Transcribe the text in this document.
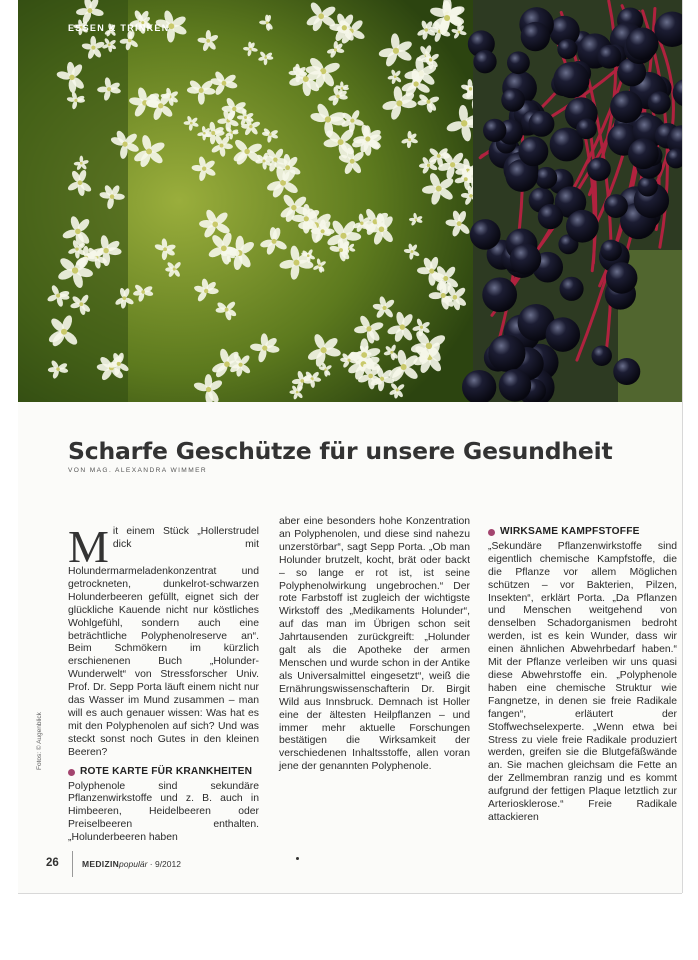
ESSEN & TRINKEN
Scharfe Geschütze für unsere Gesundheit
VON MAG. ALEXANDRA WIMMER
M it einem Stück „Hollerstrudel dick mit Holundermarmeladenkonzentrat und getrockneten, dunkelrot-schwarzen Holunderbeeren gefüllt, eignet sich der glückliche Kauende nicht nur köstliches Wohlgefühl, sondern auch eine beträchtliche Polyphenolreserve an“. Beim Schmökern im kürzlich erschienenen Buch „Holunder-Wunderwelt“ von Stressforscher Univ. Prof. Dr. Sepp Porta läuft einem nicht nur das Wasser im Mund zusammen – man will es auch genauer wissen: Was hat es mit den Polyphenolen auf sich? Und was steckt sonst noch Gutes in den kleinen Beeren?

ROTE KARTE FÜR KRANKHEITEN

Polyphenole sind sekundäre Pflanzenwirkstoffe und z. B. auch in Himbeeren, Heidelbeeren oder Preiselbeeren enthalten. „Holunderbeeren haben

aber eine besonders hohe Konzentration an Polyphenolen, und diese sind nahezu unzerstörbar“, sagt Sepp Porta. „Ob man Holunder brutzelt, kocht, brät oder backt – so lange er rot ist, ist seine Polyphenolwirkung ungebrochen.“ Der rote Farbstoff ist zugleich der wichtigste Wirkstoff des „Medikaments Holunder“, auf das man im Übrigen schon seit Jahrtausenden zurückgreift: „Holunder galt als die Apotheke der armen Menschen und wurde schon in der Antike als Universalmittel eingesetzt“, weiß die Ernährungswissenschafterin Dr. Birgit Wild aus Innsbruck. Demnach ist Holler eine der ältesten Heilpflanzen – und immer mehr aktuelle Forschungen bestätigen die Wirksamkeit der verschiedenen Inhaltsstoffe, allen voran jene der genannten Polyphenole.

WIRKSAME KAMPFSTOFFE

„Sekundäre Pflanzenwirkstoffe sind eigentlich chemische Kampfstoffe, die die Pflanze vor allem Möglichen schützen – vor Bakterien, Pilzen, Insekten“, erklärt Porta. „Da Pflanzen und Menschen weitgehend von denselben Schadorganismen bedroht werden, ist es kein Wunder, dass wir einen ähnlichen Abwehrbedarf haben.“ Mit der Pflanze verleiben wir uns quasi diese Abwehrstoffe ein. „Polyphenole haben eine chemische Struktur wie Fangnetze, in denen sie freie Radikale fangen“, erläutert der Stoffwechselexperte. „Wenn etwa bei Stress zu viele freie Radikale produziert werden, greifen sie die Blutgefäßwände an. Sie machen gleichsam die Fette an der Zellmembran ranzig und es kommt aufgrund der fettigen Plaque letztlich zur Arteriosklerose.“ Freie Radikale attackieren

Fotos: © Augenblick
26	MEDIZINpopulär · 9/2012
